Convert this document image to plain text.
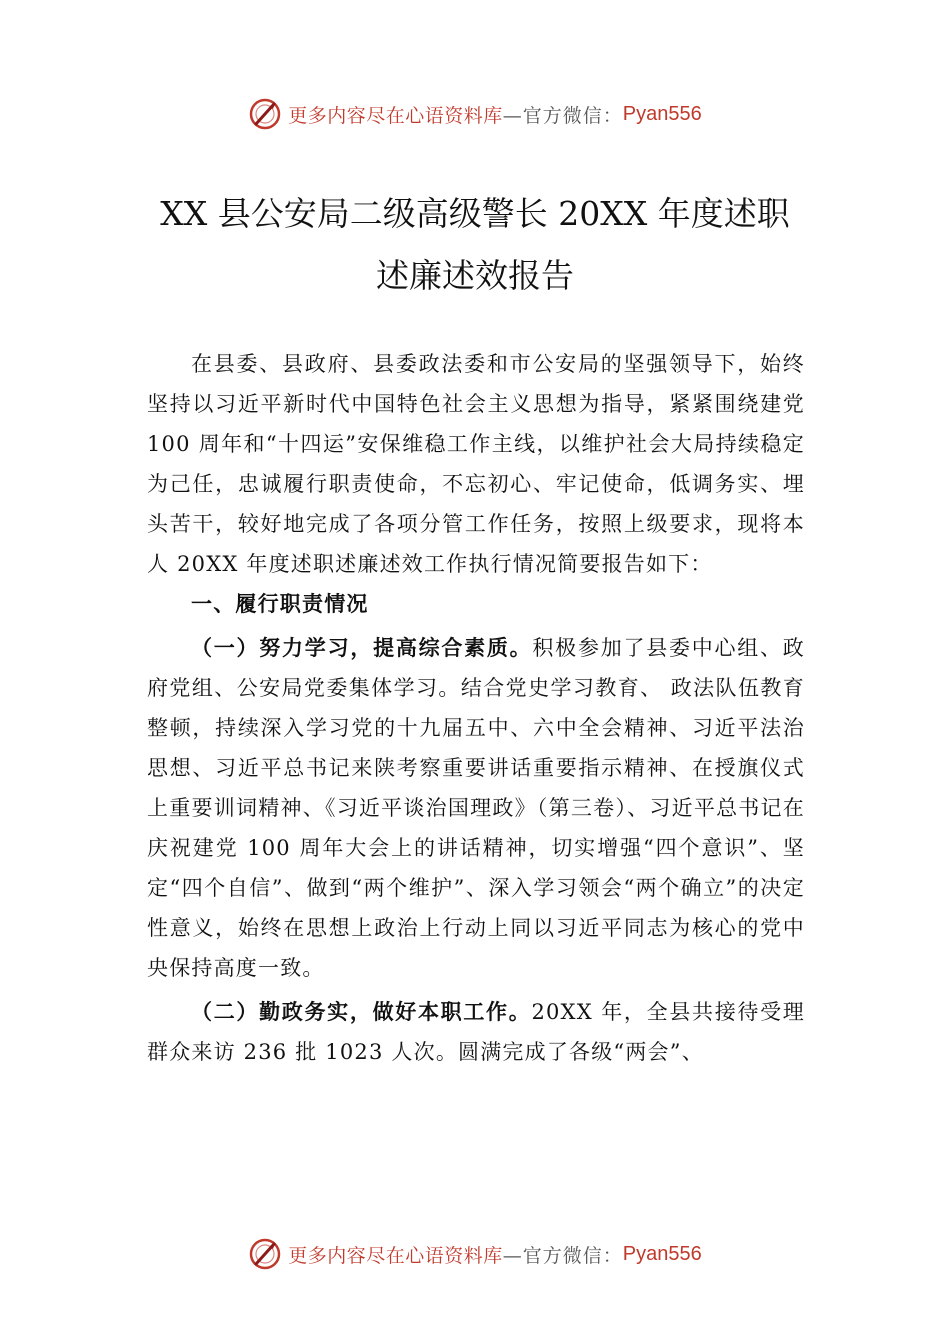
更多内容尽在心语资料库 —官方微信： Pyan556
XX 县公安局二级高级警长 20XX 年度述职
述廉述效报告

在县委、县政府、县委政法委和市公安局的坚强领导下，始终坚持以习近平新时代中国特色社会主义思想为指导，紧紧围绕建党 100 周年和“十四运”安保维稳工作主线，以维护社会大局持续稳定为己任，忠诚履行职责使命，不忘初心、牢记使命，低调务实、埋头苦干，较好地完成了各项分管工作任务，按照上级要求，现将本人 20XX 年度述职述廉述效工作执行情况简要报告如下：

一、履行职责情况

（一）努力学习，提高综合素质。积极参加了县委中心组、政府党组、公安局党委集体学习。结合党史学习教育、 政法队伍教育整顿，持续深入学习党的十九届五中、六中全会精神、习近平法治思想、习近平总书记来陕考察重要讲话重要指示精神、在授旗仪式上重要训词精神、《习近平谈治国理政》（第三卷）、习近平总书记在庆祝建党 100 周年大会上的讲话精神，切实增强“四个意识”、坚定“四个自信”、做到“两个维护”、深入学习领会“两个确立”的决定性意义，始终在思想上政治上行动上同以习近平同志为核心的党中央保持高度一致。

（二）勤政务实，做好本职工作。20XX 年，全县共接待受理群众来访 236 批 1023 人次。圆满完成了各级“两会”、

更多内容尽在心语资料库 —官方微信： Pyan556
